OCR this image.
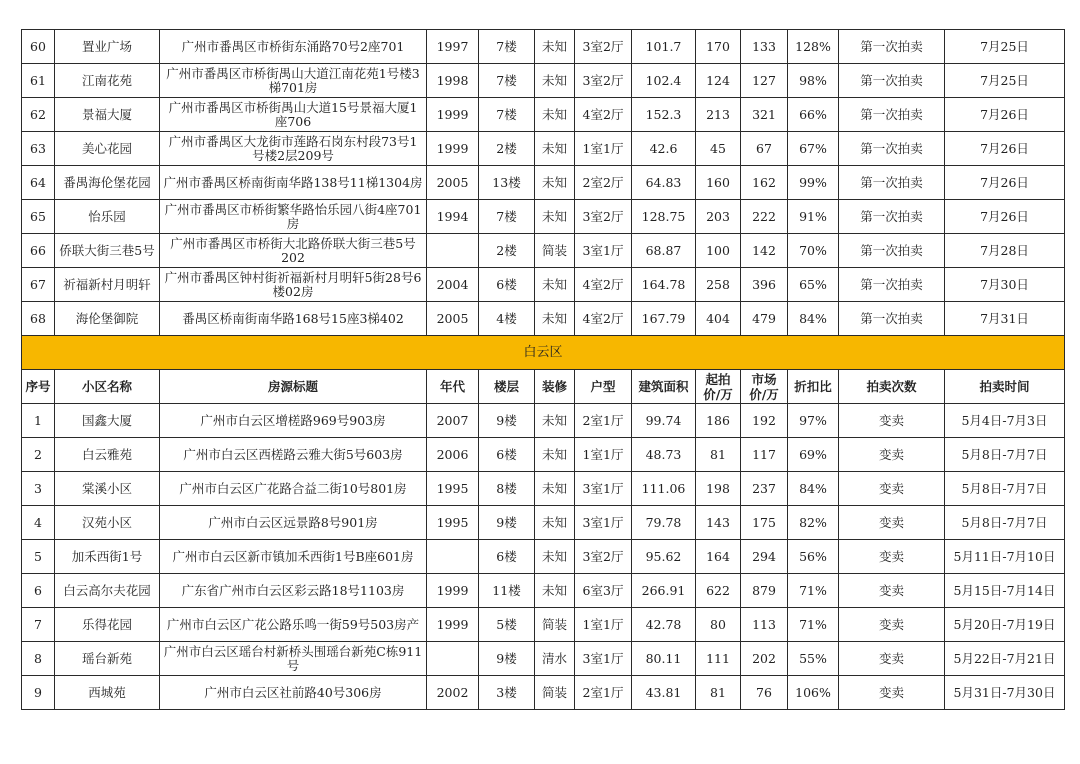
60	置业广场	广州市番禺区市桥街东涌路70号2座701	1997	7楼	未知	3室2厅	101.7	170	133	128%	第一次拍卖	7月25日
61	江南花苑	广州市番禺区市桥街禺山大道江南花苑1号楼3梯701房	1998	7楼	未知	3室2厅	102.4	124	127	98%	第一次拍卖	7月25日
62	景福大厦	广州市番禺区市桥街禺山大道15号景福大厦1座706	1999	7楼	未知	4室2厅	152.3	213	321	66%	第一次拍卖	7月26日
63	美心花园	广州市番禺区大龙街市莲路石岗东村段73号1号楼2层209号	1999	2楼	未知	1室1厅	42.6	45	67	67%	第一次拍卖	7月26日
64	番禺海伦堡花园	广州市番禺区桥南街南华路138号11梯1304房	2005	13楼	未知	2室2厅	64.83	160	162	99%	第一次拍卖	7月26日
65	怡乐园	广州市番禺区市桥街繁华路怡乐园八街4座701房	1994	7楼	未知	3室2厅	128.75	203	222	91%	第一次拍卖	7月26日
66	侨联大街三巷5号	广州市番禺区市桥街大北路侨联大街三巷5号202		2楼	简装	3室1厅	68.87	100	142	70%	第一次拍卖	7月28日
67	祈福新村月明轩	广州市番禺区钟村街祈福新村月明轩5街28号6楼02房	2004	6楼	未知	4室2厅	164.78	258	396	65%	第一次拍卖	7月30日
68	海伦堡御院	番禺区桥南街南华路168号15座3梯402	2005	4楼	未知	4室2厅	167.79	404	479	84%	第一次拍卖	7月31日
白云区												
序号	小区名称	房源标题	年代	楼层	装修	户型	建筑面积	起拍价/万	市场价/万	折扣比	拍卖次数	拍卖时间
1	国鑫大厦	广州市白云区增槎路969号903房	2007	9楼	未知	2室1厅	99.74	186	192	97%	变卖	5月4日-7月3日
2	白云雅苑	广州市白云区西槎路云雅大街5号603房	2006	6楼	未知	1室1厅	48.73	81	117	69%	变卖	5月8日-7月7日
3	棠溪小区	广州市白云区广花路合益二街10号801房	1995	8楼	未知	3室1厅	111.06	198	237	84%	变卖	5月8日-7月7日
4	汉苑小区	广州市白云区远景路8号901房	1995	9楼	未知	3室1厅	79.78	143	175	82%	变卖	5月8日-7月7日
5	加禾西街1号	广州市白云区新市镇加禾西街1号B座601房		6楼	未知	3室2厅	95.62	164	294	56%	变卖	5月11日-7月10日
6	白云高尔夫花园	广东省广州市白云区彩云路18号1103房	1999	11楼	未知	6室3厅	266.91	622	879	71%	变卖	5月15日-7月14日
7	乐得花园	广州市白云区广花公路乐鸣一街59号503房产	1999	5楼	简装	1室1厅	42.78	80	113	71%	变卖	5月20日-7月19日
8	瑶台新苑	广州市白云区瑶台村新桥头围瑶台新苑C栋911号		9楼	清水	3室1厅	80.11	111	202	55%	变卖	5月22日-7月21日
9	西城苑	广州市白云区社前路40号306房	2002	3楼	简装	2室1厅	43.81	81	76	106%	变卖	5月31日-7月30日
